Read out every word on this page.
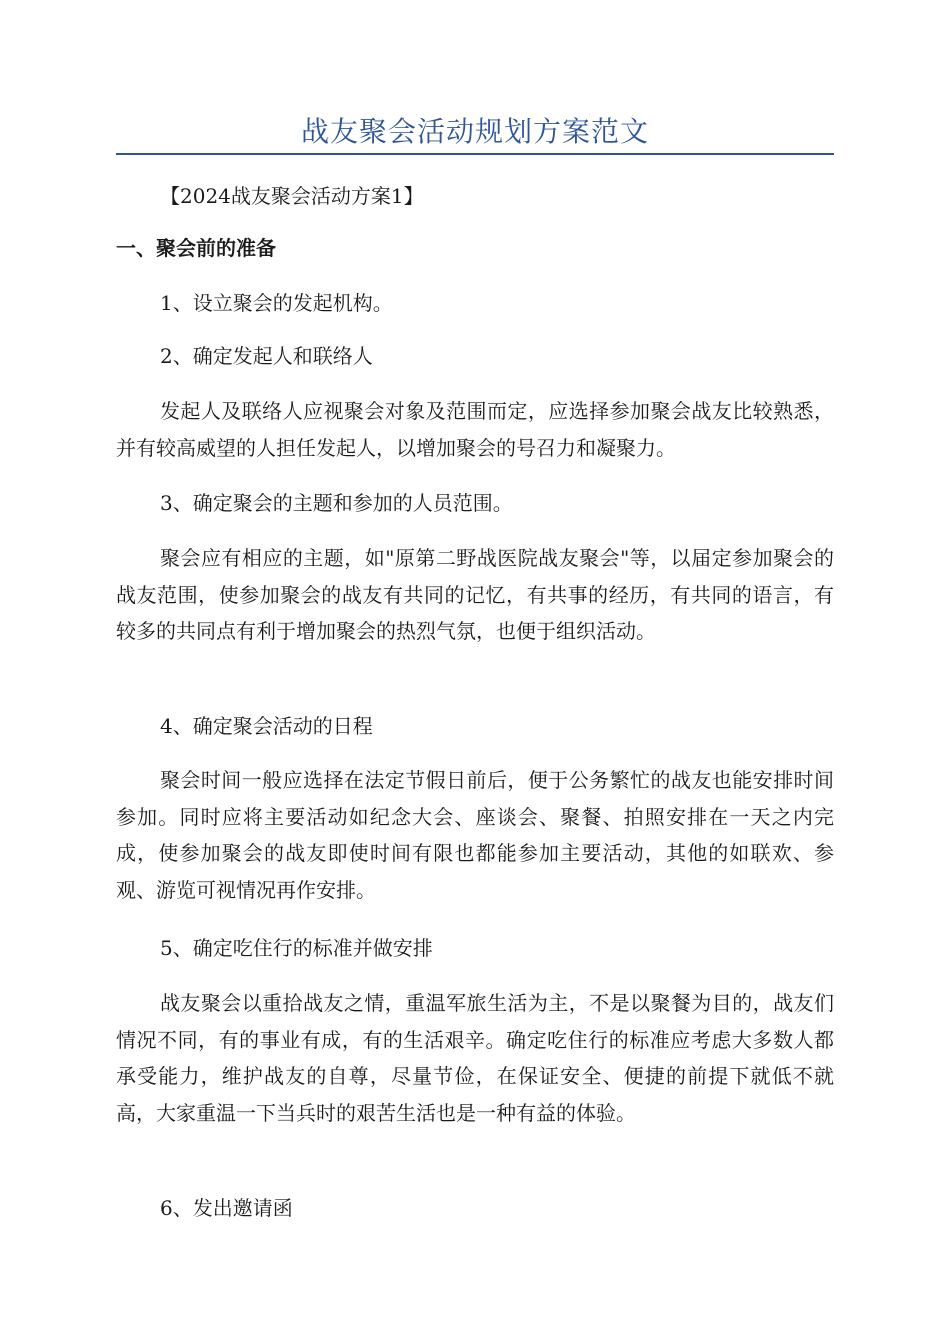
战友聚会活动规划方案范文

【2024战友聚会活动方案1】

一、聚会前的准备

1、设立聚会的发起机构。

2、确定发起人和联络人

发起人及联络人应视聚会对象及范围而定，应选择参加聚会战友比较熟悉，并有较高威望的人担任发起人，以增加聚会的号召力和凝聚力。

3、确定聚会的主题和参加的人员范围。

聚会应有相应的主题，如"原第二野战医院战友聚会"等，以届定参加聚会的战友范围，使参加聚会的战友有共同的记忆，有共事的经历，有共同的语言，有较多的共同点有利于增加聚会的热烈气氛，也便于组织活动。

4、确定聚会活动的日程

聚会时间一般应选择在法定节假日前后，便于公务繁忙的战友也能安排时间参加。同时应将主要活动如纪念大会、座谈会、聚餐、拍照安排在一天之内完成，使参加聚会的战友即使时间有限也都能参加主要活动，其他的如联欢、参观、游览可视情况再作安排。

5、确定吃住行的标准并做安排

战友聚会以重拾战友之情，重温军旅生活为主，不是以聚餐为目的，战友们情况不同，有的事业有成，有的生活艰辛。确定吃住行的标准应考虑大多数人都承受能力，维护战友的自尊，尽量节俭，在保证安全、便捷的前提下就低不就高，大家重温一下当兵时的艰苦生活也是一种有益的体验。

6、发出邀请函
